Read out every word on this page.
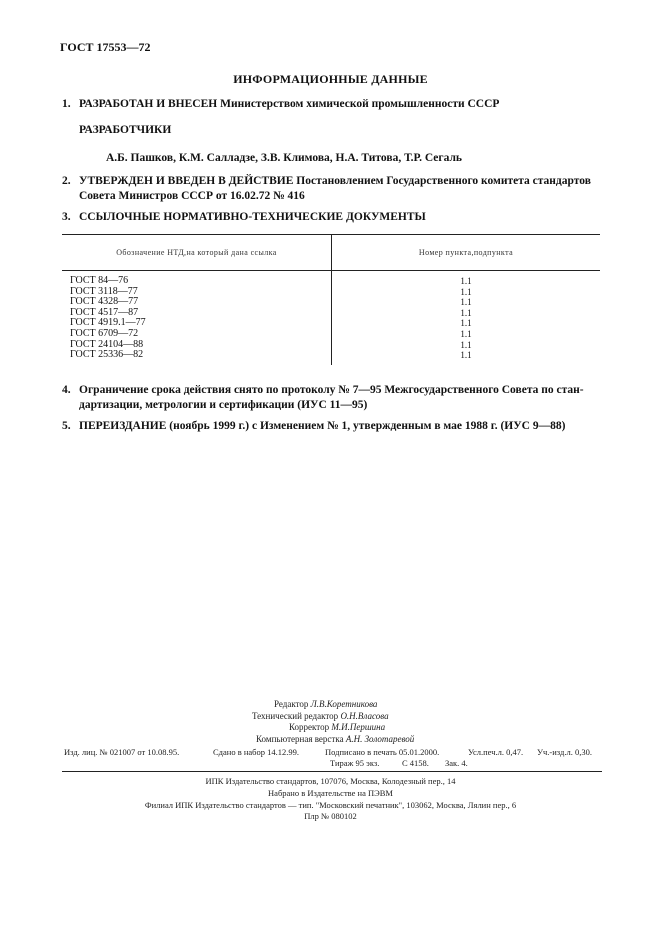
ГОСТ 17553—72
ИНФОРМАЦИОННЫЕ ДАННЫЕ
1. РАЗРАБОТАН И ВНЕСЕН Министерством химической промышленности СССР
РАЗРАБОТЧИКИ
А.Б. Пашков, К.М. Салладзе, З.В. Климова, Н.А. Титова, Т.Р. Сегаль
2. УТВЕРЖДЕН И ВВЕДЕН В ДЕЙСТВИЕ Постановлением Государственного комитета стандартов
Совета Министров СССР от 16.02.72 № 416
3. ССЫЛОЧНЫЕ НОРМАТИВНО-ТЕХНИЧЕСКИЕ ДОКУМЕНТЫ
Обозначение НТД,на который дана ссылка	Номер пункта,подпункта
ГОСТ 84—76	1.1
ГОСТ 3118—77	1.1
ГОСТ 4328—77	1.1
ГОСТ 4517—87	1.1
ГОСТ 4919.1—77	1.1
ГОСТ 6709—72	1.1
ГОСТ 24104—88	1.1
ГОСТ 25336—82	1.1
4. Ограничение срока действия снято по протоколу № 7—95 Межгосударственного Совета по стан-
дартизации, метрологии и сертификации (ИУС 11—95)
5. ПЕРЕИЗДАНИЕ (ноябрь 1999 г.) с Изменением № 1, утвержденным в мае 1988 г. (ИУС 9—88)
Редактор Л.В.Коретникова
Технический редактор О.Н.Власова
Корректор М.И.Першина
Компьютерная верстка А.Н. Золотаревой
Изд. лиц. № 021007 от 10.08.95.	Сдано в набор 14.12.99.	Подписано в печать 05.01.2000.	Усл.печ.л. 0,47. Уч.-изд.л. 0,30.
Тираж 95 экз.	С 4158. Зак. 4.
ИПК Издательство стандартов, 107076, Москва, Колодезный пер., 14
Набрано в Издательстве на ПЭВМ
Филиал ИПК Издательство стандартов — тип. "Московский печатник", 103062, Москва, Лялин пер., 6
Плр № 080102
